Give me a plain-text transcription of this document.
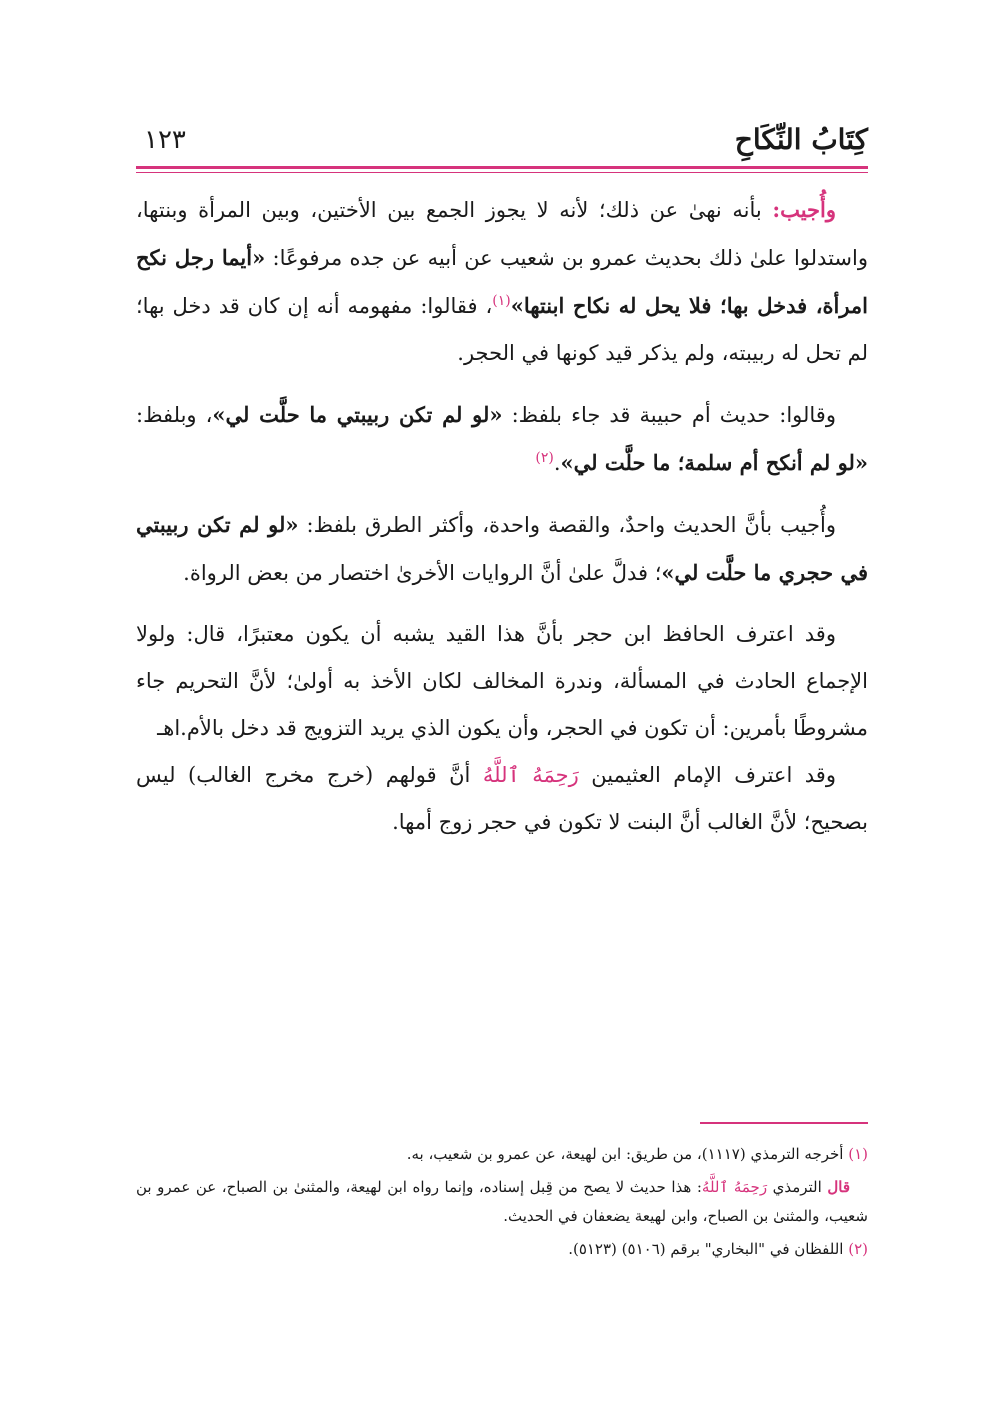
كِتَابُ النِّكَاحِ
١٢٣

وأُجيب: بأنه نهىٰ عن ذلك؛ لأنه لا يجوز الجمع بين الأختين، وبين المرأة وبنتها، واستدلوا علىٰ ذلك بحديث عمرو بن شعيب عن أبيه عن جده مرفوعًا: «أيما رجل نكح امرأة، فدخل بها؛ فلا يحل له نكاح ابنتها»$^{(١)}$، فقالوا: مفهومه أنه إن كان قد دخل بها؛ لم تحل له ربيبته، ولم يذكر قيد كونها في الحجر.

وقالوا: حديث أم حبيبة قد جاء بلفظ: «لو لم تكن ربيبتي ما حلَّت لي»، وبلفظ: «لو لم أنكح أم سلمة؛ ما حلَّت لي».$^{(٢)}$

وأُجيب بأنَّ الحديث واحدٌ، والقصة واحدة، وأكثر الطرق بلفظ: «لو لم تكن ربيبتي في حجري ما حلَّت لي»؛ فدلَّ علىٰ أنَّ الروايات الأخرىٰ اختصار من بعض الرواة.

وقد اعترف الحافظ ابن حجر بأنَّ هذا القيد يشبه أن يكون معتبرًا، قال: ولولا الإجماع الحادث في المسألة، وندرة المخالف لكان الأخذ به أولىٰ؛ لأنَّ التحريم جاء مشروطًا بأمرين: أن تكون في الحجر، وأن يكون الذي يريد التزويج قد دخل بالأم.اهـ

وقد اعترف الإمام العثيمين رَحِمَهُ ٱللَّهُ أنَّ قولهم (خرج مخرج الغالب) ليس بصحيح؛ لأنَّ الغالب أنَّ البنت لا تكون في حجر زوج أمها.

(١) أخرجه الترمذي (١١١٧)، من طريق: ابن لهيعة، عن عمرو بن شعيب، به.

قال الترمذي رَحِمَهُ ٱللَّهُ: هذا حديث لا يصح من قِبل إسناده، وإنما رواه ابن لهيعة، والمثنىٰ بن الصباح، عن عمرو بن شعيب، والمثنىٰ بن الصباح، وابن لهيعة يضعفان في الحديث.

(٢) اللفظان في "البخاري" برقم (٥١٠٦) (٥١٢٣).
